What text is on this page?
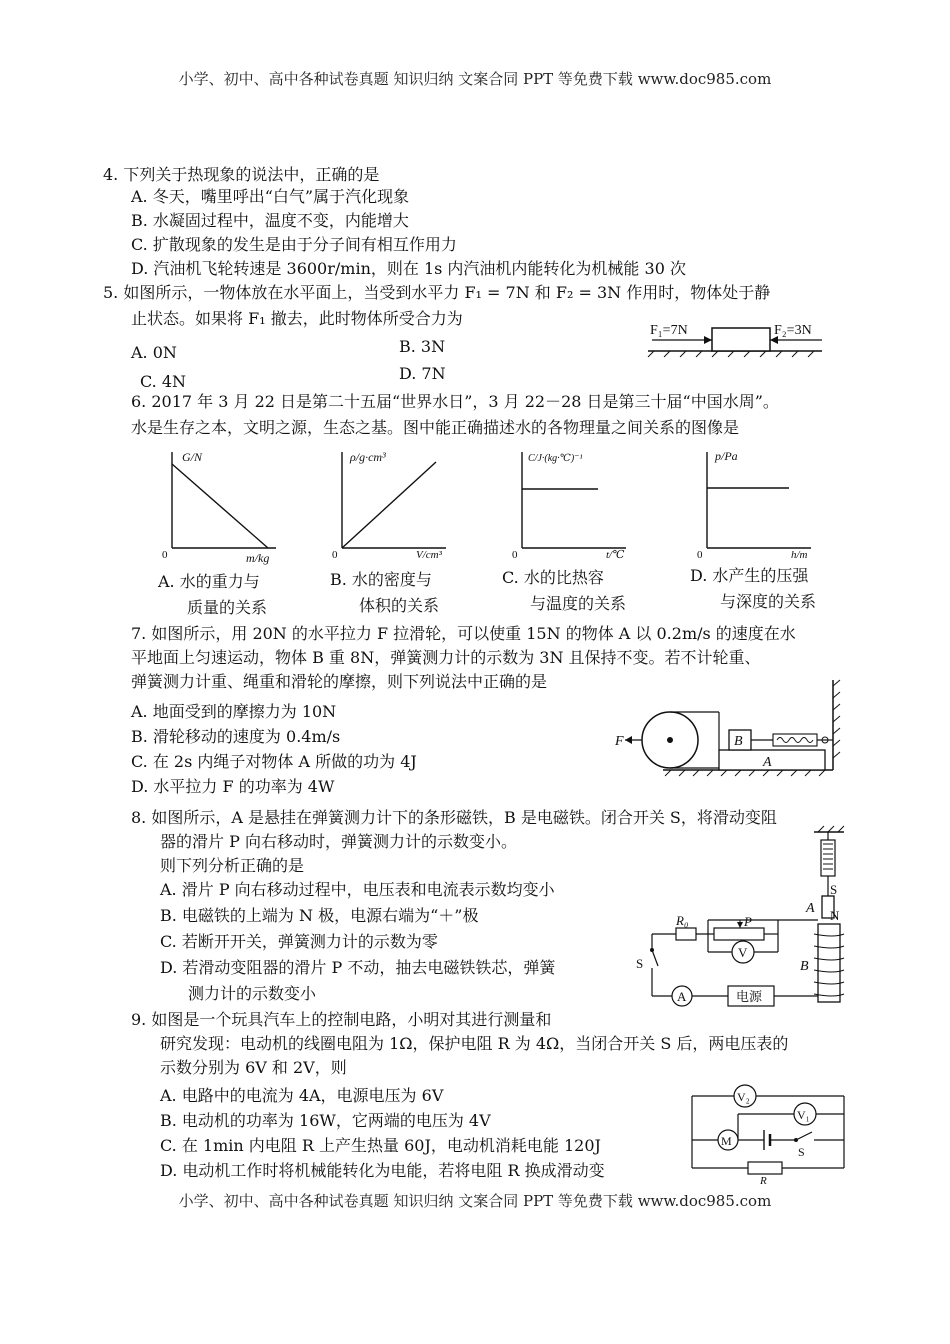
小学、初中、高中各种试卷真题 知识归纳 文案合同 PPT 等免费下载 www.doc985.com
4. 下列关于热现象的说法中，正确的是
A. 冬天，嘴里呼出“白气”属于汽化现象
B. 水凝固过程中，温度不变，内能增大
C. 扩散现象的发生是由于分子间有相互作用力
D. 汽油机飞轮转速是 3600r/min，则在 1s 内汽油机内能转化为机械能 30 次
5. 如图所示，一物体放在水平面上，当受到水平力 F₁ = 7N 和 F₂ = 3N 作用时，物体处于静
止状态。如果将 F₁ 撤去，此时物体所受合力为
A. 0N	B. 3N
C. 4N	D. 7N
F₁=7N	F₂=3N
6. 2017 年 3 月 22 日是第二十五届“世界水日”，3 月 22－28 日是第三十届“中国水周”。
水是生存之本，文明之源，生态之基。图中能正确描述水的各物理量之间关系的图像是
G/N
m/kg
0
ρ/g·cm³
V/cm³
0
C/J·(kg·℃)⁻¹
t/℃
0
p/Pa
h/m
0
A. 水的重力与
质量的关系
B. 水的密度与
体积的关系
C. 水的比热容
与温度的关系
D. 水产生的压强
与深度的关系
7. 如图所示，用 20N 的水平拉力 F 拉滑轮，可以使重 15N 的物体 A 以 0.2m/s 的速度在水
平地面上匀速运动，物体 B 重 8N，弹簧测力计的示数为 3N 且保持不变。若不计轮重、
弹簧测力计重、绳重和滑轮的摩擦，则下列说法中正确的是
A. 地面受到的摩擦力为 10N
B. 滑轮移动的速度为 0.4m/s
C. 在 2s 内绳子对物体 A 所做的功为 4J
D. 水平拉力 F 的功率为 4W
F	B
A
8. 如图所示，A 是悬挂在弹簧测力计下的条形磁铁，B 是电磁铁。闭合开关 S，将滑动变阻
器的滑片 P 向右移动时，弹簧测力计的示数变小。
则下列分析正确的是
A. 滑片 P 向右移动过程中，电压表和电流表示数均变小
B. 电磁铁的上端为 N 极，电源右端为“＋”极
C. 若断开开关，弹簧测力计的示数为零
D. 若滑动变阻器的滑片 P 不动，抽去电磁铁铁芯，弹簧
测力计的示数变小
S
N
A
B
R₀	P
V
S
A	电源
9. 如图是一个玩具汽车上的控制电路，小明对其进行测量和
研究发现：电动机的线圈电阻为 1Ω，保护电阻 R 为 4Ω，当闭合开关 S 后，两电压表的
示数分别为 6V 和 2V，则
A. 电路中的电流为 4A，电源电压为 6V
B. 电动机的功率为 16W，它两端的电压为 4V
C. 在 1min 内电阻 R 上产生热量 60J，电动机消耗电能 120J
D. 电动机工作时将机械能转化为电能，若将电阻 R 换成滑动变
V₂
V₁
M
S
R
小学、初中、高中各种试卷真题 知识归纳 文案合同 PPT 等免费下载 www.doc985.com
